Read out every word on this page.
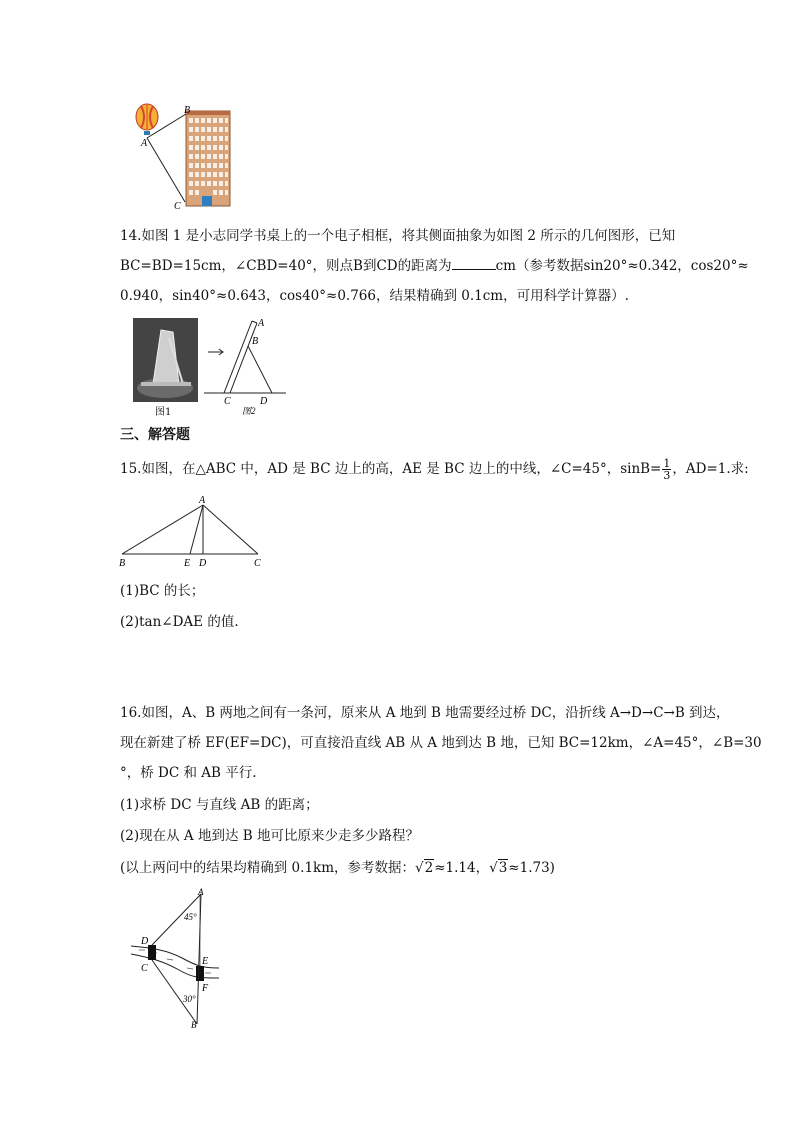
B
A
C
14.如图 1 是小志同学书桌上的一个电子相框，将其侧面抽象为如图 2 所示的几何图形，已知
BC=BD=15cm，∠CBD=40°，则点B到CD的距离为	cm（参考数据sin20°≈0.342，cos20°≈
0.940，sin40°≈0.643，cos40°≈0.766，结果精确到 0.1cm，可用科学计算器）.
图1
A
B
C	D
图2
三、解答题
15.如图，在△ABC 中，AD 是 BC 边上的高，AE 是 BC 边上的中线，∠C=45°，$\sin B= \frac{1}{3}$ ，AD=1.求:
A
B	E D	C
(1)BC 的长；
(2)tan∠DAE 的值.
16.如图，A、B 两地之间有一条河，原来从 A 地到 B 地需要经过桥 DC，沿折线 A→D→C→B 到达，
现在新建了桥 EF(EF=DC)，可直接沿直线 AB 从 A 地到达 B 地，已知 BC=12km，∠A=45°，∠B=30
°，桥 DC 和 AB 平行.
(1)求桥 DC 与直线 AB 的距离；
(2)现在从 A 地到达 B 地可比原来少走多少路程？
(以上两问中的结果均精确到 0.1km，参考数据：√2≈1.14，√3≈1.73)
A
45°
D
C
E
F
30°
B
